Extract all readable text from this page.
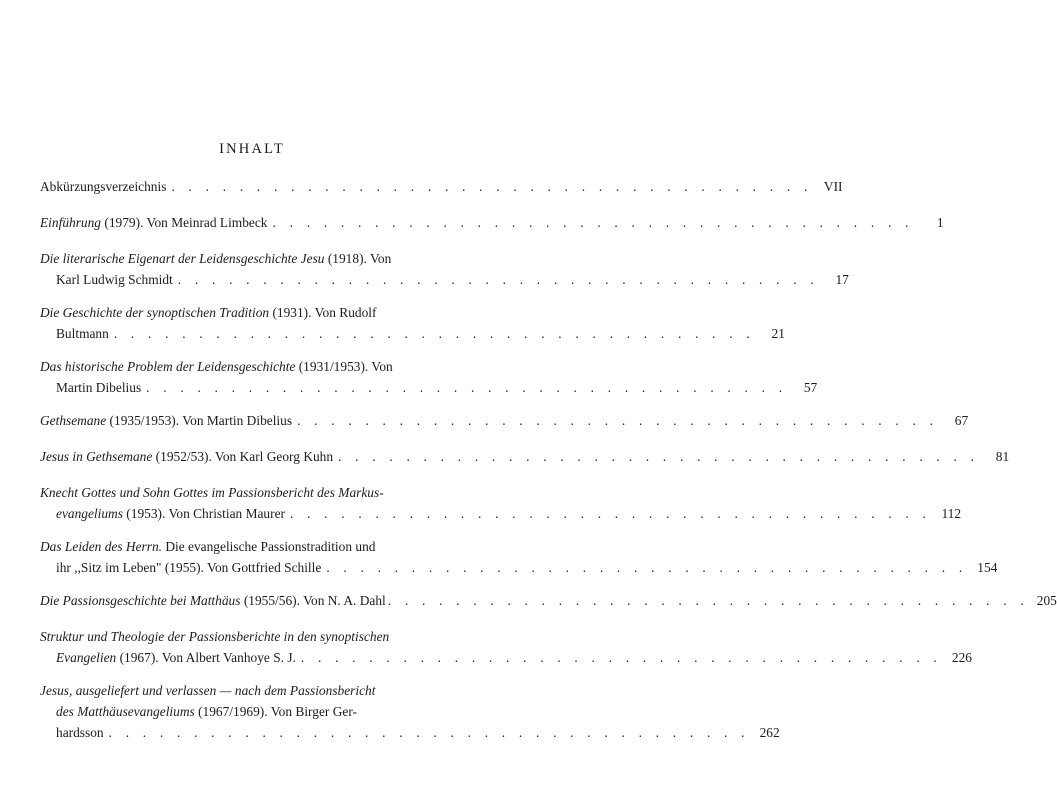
INHALT
Abkürzungsverzeichnis . . . . . . . . . . . . . . . . . . . . . . . . . . . . . . . . . . . . . . VII
Einführung (1979). Von Meinrad Limbeck . . . . . . . . . . . . . . . . . . . . . . . . . . . . . . . . . . . . . .	1
Die literarische Eigenart der Leidensgeschichte Jesu (1918). Von
Karl Ludwig Schmidt . . . . . . . . . . . . . . . . . . . . . . . . . . . . . . . . . . . . . .	17
Die Geschichte der synoptischen Tradition (1931). Von Rudolf
Bultmann . . . . . . . . . . . . . . . . . . . . . . . . . . . . . . . . . . . . . .	21
Das historische Problem der Leidensgeschichte (1931/1953). Von
Martin Dibelius . . . . . . . . . . . . . . . . . . . . . . . . . . . . . . . . . . . . . .	57
Gethsemane (1935/1953). Von Martin Dibelius . . . . . . . . . . . . . . . . . . . . . . . . . . . . . . . . . . . . . .	67
Jesus in Gethsemane (1952/53). Von Karl Georg Kuhn . . . . . . . . . . . . . . . . . . . . . . . . . . . . . . . . . . . . . .	81
Knecht Gottes und Sohn Gottes im Passionsbericht des Markus-
evangeliums (1953). Von Christian Maurer . . . . . . . . . . . . . . . . . . . . . . . . . . . . . . . . . . . . . . 112
Das Leiden des Herrn. Die evangelische Passionstradition und
ihr ,,Sitz im Leben" (1955). Von Gottfried Schille . . . . . . . . . . . . . . . . . . . . . . . . . . . . . . . . . . . . . . 154
Die Passionsgeschichte bei Matthäus (1955/56). Von N. A. Dahl . . . . . . . . . . . . . . . . . . . . . . . . . . . . . . . . . . . . . . 205
Struktur und Theologie der Passionsberichte in den synoptischen
Evangelien (1967). Von Albert Vanhoye S. J. . . . . . . . . . . . . . . . . . . . . . . . . . . . . . . . . . . . . . . 226
Jesus, ausgeliefert und verlassen — nach dem Passionsbericht
des Matthäusevangeliums (1967/1969). Von Birger Ger-
hardsson . . . . . . . . . . . . . . . . . . . . . . . . . . . . . . . . . . . . . . 262
